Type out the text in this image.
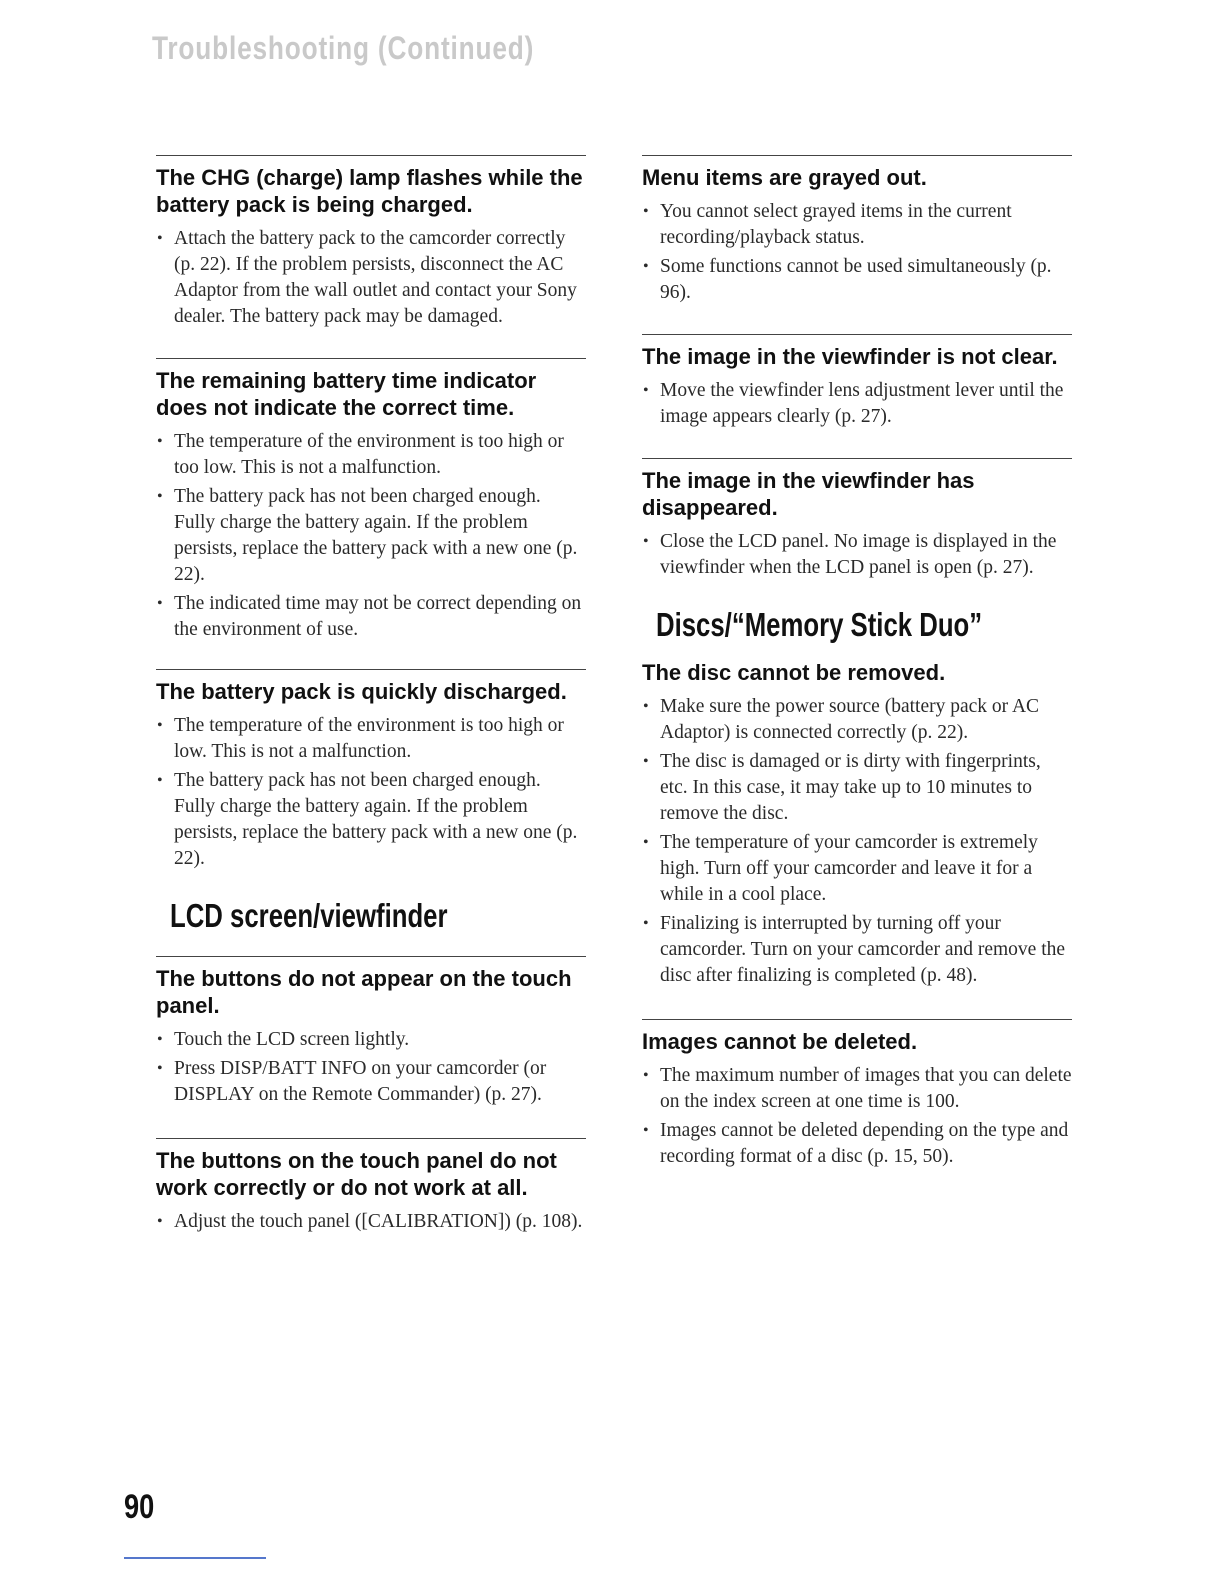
Troubleshooting (Continued)
The CHG (charge) lamp flashes while the battery pack is being charged.
• Attach the battery pack to the camcorder correctly (p. 22). If the problem persists, disconnect the AC Adaptor from the wall outlet and contact your Sony dealer. The battery pack may be damaged.
The remaining battery time indicator does not indicate the correct time.
• The temperature of the environment is too high or too low. This is not a malfunction.
• The battery pack has not been charged enough. Fully charge the battery again. If the problem persists, replace the battery pack with a new one (p. 22).
• The indicated time may not be correct depending on the environment of use.
The battery pack is quickly discharged.
• The temperature of the environment is too high or low. This is not a malfunction.
• The battery pack has not been charged enough. Fully charge the battery again. If the problem persists, replace the battery pack with a new one (p. 22).
LCD screen/viewfinder
The buttons do not appear on the touch panel.
• Touch the LCD screen lightly.
• Press DISP/BATT INFO on your camcorder (or DISPLAY on the Remote Commander) (p. 27).
The buttons on the touch panel do not work correctly or do not work at all.
• Adjust the touch panel ([CALIBRATION]) (p. 108).
Menu items are grayed out.
• You cannot select grayed items in the current recording/playback status.
• Some functions cannot be used simultaneously (p. 96).
The image in the viewfinder is not clear.
• Move the viewfinder lens adjustment lever until the image appears clearly (p. 27).
The image in the viewfinder has disappeared.
• Close the LCD panel. No image is displayed in the viewfinder when the LCD panel is open (p. 27).
Discs/“Memory Stick Duo”
The disc cannot be removed.
• Make sure the power source (battery pack or AC Adaptor) is connected correctly (p. 22).
• The disc is damaged or is dirty with fingerprints, etc. In this case, it may take up to 10 minutes to remove the disc.
• The temperature of your camcorder is extremely high. Turn off your camcorder and leave it for a while in a cool place.
• Finalizing is interrupted by turning off your camcorder. Turn on your camcorder and remove the disc after finalizing is completed (p. 48).
Images cannot be deleted.
• The maximum number of images that you can delete on the index screen at one time is 100.
• Images cannot be deleted depending on the type and recording format of a disc (p. 15, 50).
90
